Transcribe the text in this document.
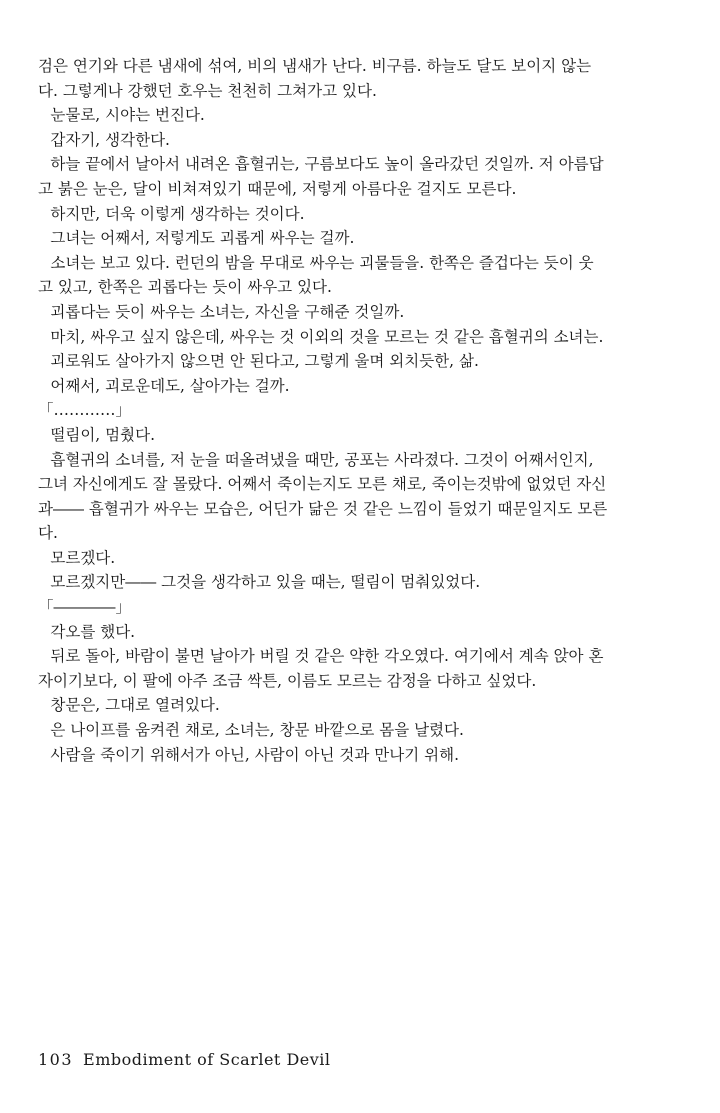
검은 연기와 다른 냄새에 섞여, 비의 냄새가 난다. 비구름. 하늘도 달도 보이지 않는
다. 그렇게나 강했던 호우는 천천히 그쳐가고 있다.
눈물로, 시야는 번진다.
갑자기, 생각한다.
하늘 끝에서 날아서 내려온 흡혈귀는, 구름보다도 높이 올라갔던 것일까. 저 아름답
고 붉은 눈은, 달이 비쳐져있기 때문에, 저렇게 아름다운 걸지도 모른다.
하지만, 더욱 이렇게 생각하는 것이다.
그녀는 어째서, 저렇게도 괴롭게 싸우는 걸까.
소녀는 보고 있다. 런던의 밤을 무대로 싸우는 괴물들을. 한쪽은 즐겁다는 듯이 웃
고 있고, 한쪽은 괴롭다는 듯이 싸우고 있다.
괴롭다는 듯이 싸우는 소녀는, 자신을 구해준 것일까.
마치, 싸우고 싶지 않은데, 싸우는 것 이외의 것을 모르는 것 같은 흡혈귀의 소녀는.
괴로워도 살아가지 않으면 안 된다고, 그렇게 울며 외치듯한, 삶.
어째서, 괴로운데도, 살아가는 걸까.
「…………」
떨림이, 멈췄다.
흡혈귀의 소녀를, 저 눈을 떠올려냈을 때만, 공포는 사라졌다. 그것이 어째서인지,
그녀 자신에게도 잘 몰랐다. 어째서 죽이는지도 모른 채로, 죽이는것밖에 없었던 자신
과―― 흡혈귀가 싸우는 모습은, 어딘가 닮은 것 같은 느낌이 들었기 때문일지도 모른
다.
모르겠다.
모르겠지만―― 그것을 생각하고 있을 때는, 떨림이 멈춰있었다.
「――――」
각오를 했다.
뒤로 돌아, 바람이 불면 날아가 버릴 것 같은 약한 각오였다. 여기에서 계속 앉아 혼
자이기보다, 이 팔에 아주 조금 싹튼, 이름도 모르는 감정을 다하고 싶었다.
창문은, 그대로 열려있다.
은 나이프를 움켜쥔 채로, 소녀는, 창문 바깥으로 몸을 날렸다.
사람을 죽이기 위해서가 아닌, 사람이 아닌 것과 만나기 위해.
103 Embodiment of Scarlet Devil
